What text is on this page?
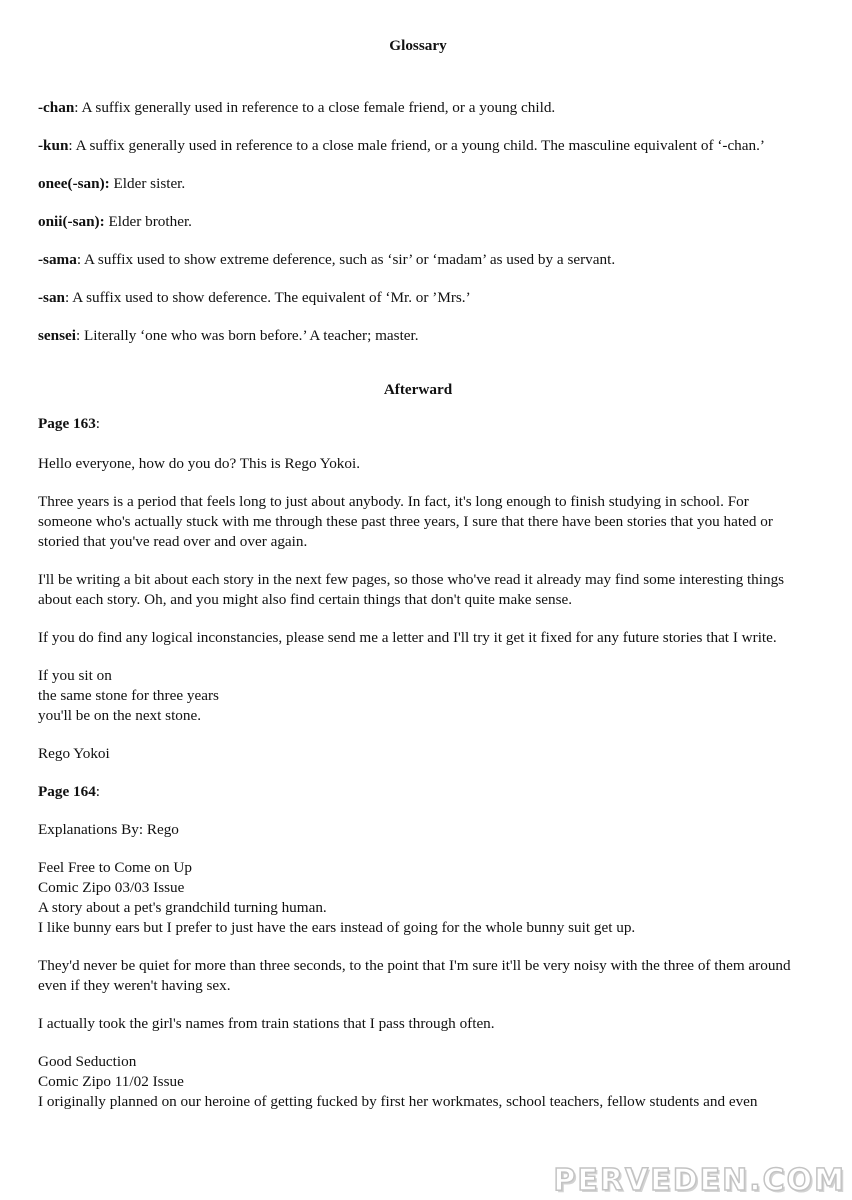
Glossary

-chan: A suffix generally used in reference to a close female friend, or a young child.

-kun: A suffix generally used in reference to a close male friend, or a young child. The masculine equivalent of ‘-chan.’

onee(-san): Elder sister.

onii(-san): Elder brother.

-sama: A suffix used to show extreme deference, such as ‘sir’ or ‘madam’ as used by a servant.

-san: A suffix used to show deference. The equivalent of ‘Mr. or ’Mrs.’

sensei: Literally ‘one who was born before.’ A teacher; master.

Afterward

Page 163:

Hello everyone, how do you do? This is Rego Yokoi.

Three years is a period that feels long to just about anybody. In fact, it's long enough to finish studying in school. For someone who's actually stuck with me through these past three years, I sure that there have been stories that you hated or storied that you've read over and over again.

I'll be writing a bit about each story in the next few pages, so those who've read it already may find some interesting things about each story. Oh, and you might also find certain things that don't quite make sense.

If you do find any logical inconstancies, please send me a letter and I'll try it get it fixed for any future stories that I write.

If you sit on

the same stone for three years

you'll be on the next stone.

Rego Yokoi

Page 164:

Explanations By: Rego

Feel Free to Come on Up

Comic Zipo 03/03 Issue

A story about a pet's grandchild turning human.

I like bunny ears but I prefer to just have the ears instead of going for the whole bunny suit get up.

They'd never be quiet for more than three seconds, to the point that I'm sure it'll be very noisy with the three of them around even if they weren't having sex.

I actually took the girl's names from train stations that I pass through often.

Good Seduction

Comic Zipo 11/02 Issue

I originally planned on our heroine of getting fucked by first her workmates, school teachers, fellow students and even

PERVEDEN.COM
